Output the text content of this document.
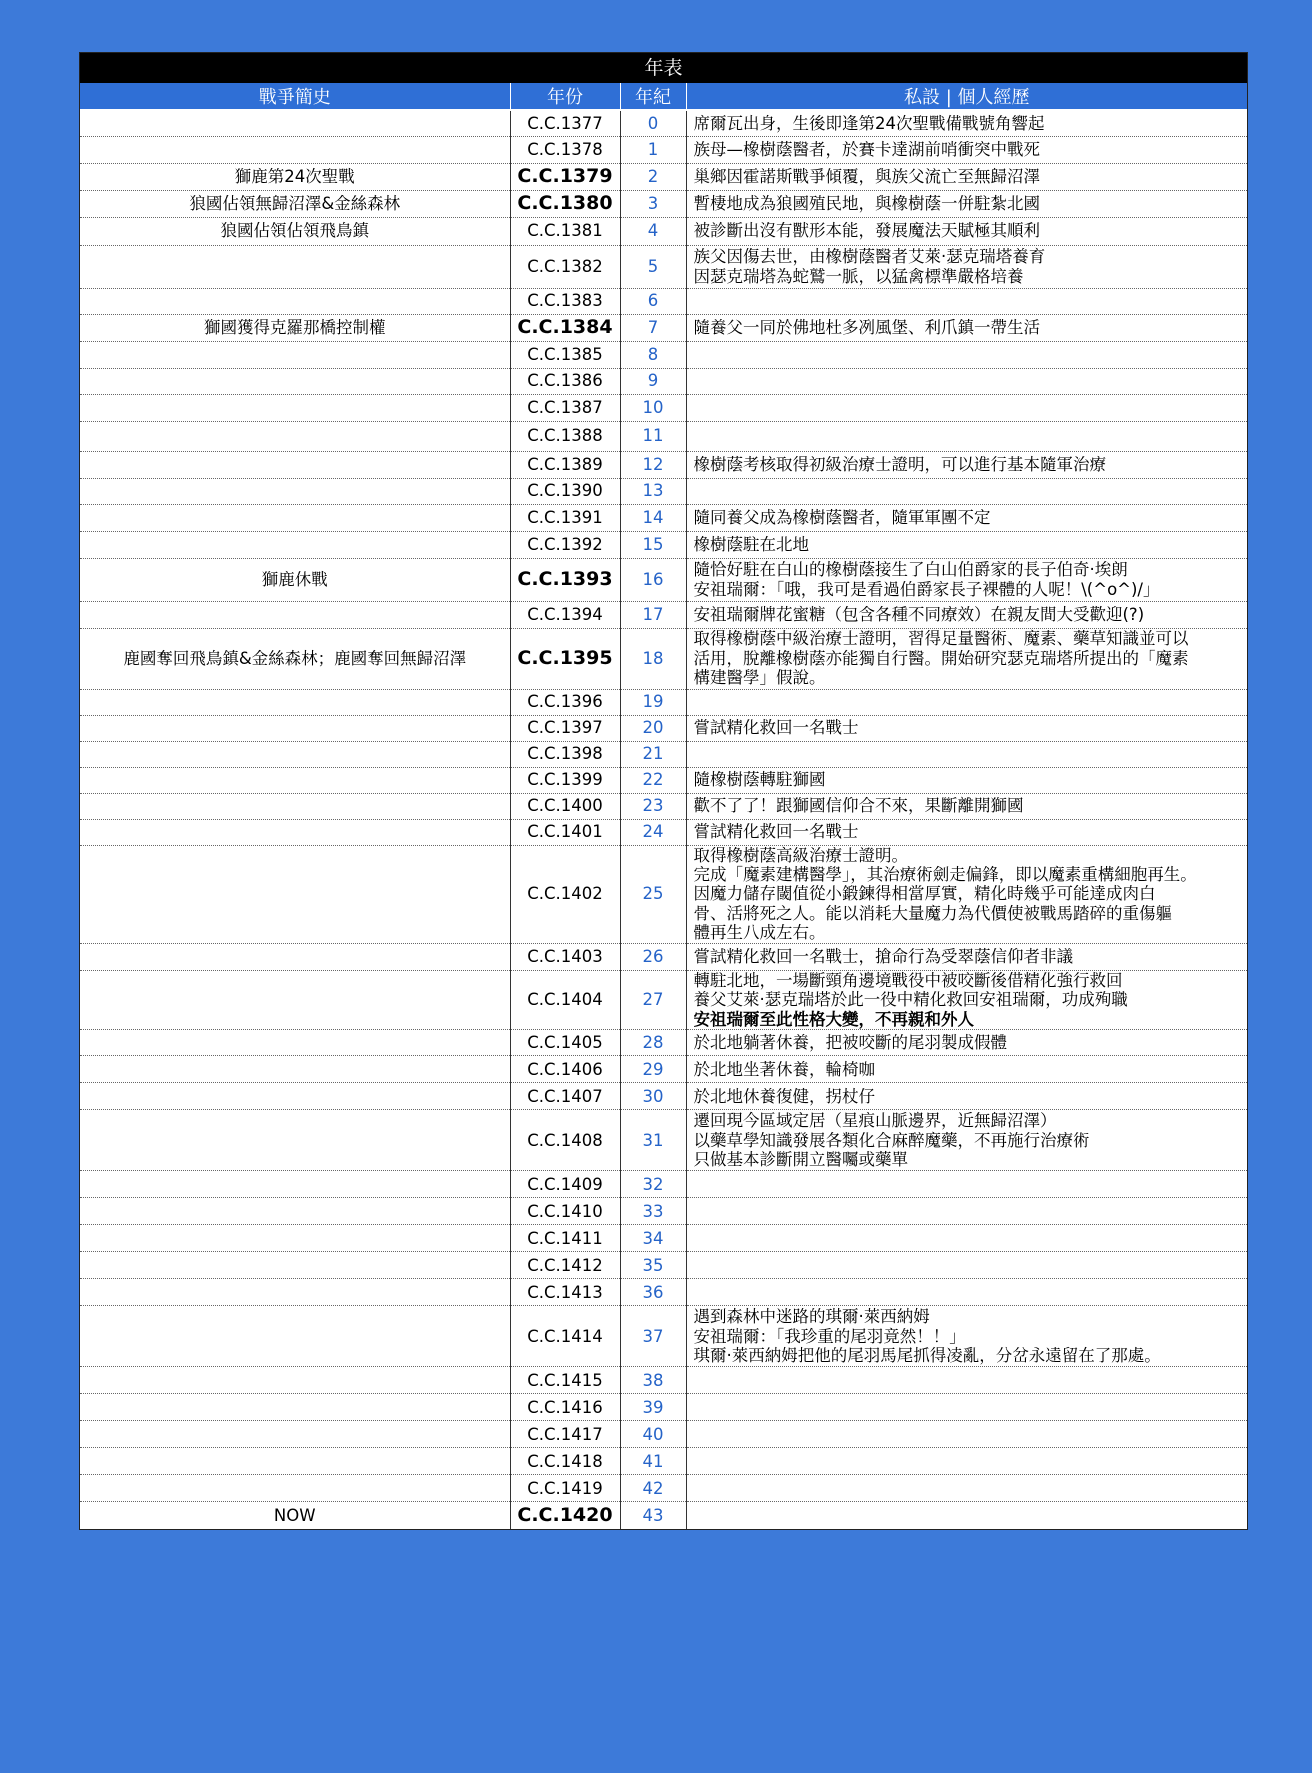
年表
戰爭簡史	年份	年紀	私設 | 個人經歷
	C.C.1377	0	席爾瓦出身，生後即逢第24次聖戰備戰號角響起

	C.C.1378	1	族母—橡樹蔭醫者，於賽卡達湖前哨衝突中戰死

獅鹿第24次聖戰	C.C.1379	2	巢鄉因霍諾斯戰爭傾覆，與族父流亡至無歸沼澤

狼國佔領無歸沼澤&金絲森林	C.C.1380	3	暫棲地成為狼國殖民地，與橡樹蔭一併駐紮北國

狼國佔領佔領飛鳥鎮	C.C.1381	4	被診斷出沒有獸形本能，發展魔法天賦極其順利

	C.C.1382	5	族父因傷去世，由橡樹蔭醫者艾萊·瑟克瑞塔養育
因瑟克瑞塔為蛇鷲一脈，以猛禽標準嚴格培養

	C.C.1383	6	
獅國獲得克羅那橋控制權	C.C.1384	7	隨養父一同於佛地杜多冽風堡、利爪鎮一帶生活

	C.C.1385	8	
	C.C.1386	9	
	C.C.1387	10	
	C.C.1388	11	
	C.C.1389	12	橡樹蔭考核取得初級治療士證明，可以進行基本隨軍治療

	C.C.1390	13	
	C.C.1391	14	隨同養父成為橡樹蔭醫者，隨軍軍團不定

	C.C.1392	15	橡樹蔭駐在北地

獅鹿休戰	C.C.1393	16	隨恰好駐在白山的橡樹蔭接生了白山伯爵家的長子伯奇·埃朗
安祖瑞爾：「哦，我可是看過伯爵家長子裸體的人呢！\(^o^)/」

	C.C.1394	17	安祖瑞爾牌花蜜糖（包含各種不同療效）在親友間大受歡迎(?)

鹿國奪回飛鳥鎮&金絲森林；鹿國奪回無歸沼澤	C.C.1395	18	取得橡樹蔭中級治療士證明，習得足量醫術、魔素、藥草知識並可以
活用，脫離橡樹蔭亦能獨自行醫。開始研究瑟克瑞塔所提出的「魔素
構建醫學」假說。

	C.C.1396	19	
	C.C.1397	20	嘗試精化救回一名戰士

	C.C.1398	21	
	C.C.1399	22	隨橡樹蔭轉駐獅國

	C.C.1400	23	歡不了了！跟獅國信仰合不來，果斷離開獅國

	C.C.1401	24	嘗試精化救回一名戰士

	C.C.1402	25	取得橡樹蔭高級治療士證明。
完成「魔素建構醫學」，其治療術劍走偏鋒，即以魔素重構細胞再生。
因魔力儲存閾值從小鍛鍊得相當厚實，精化時幾乎可能達成肉白
骨、活將死之人。能以消耗大量魔力為代價使被戰馬踏碎的重傷軀
體再生八成左右。

	C.C.1403	26	嘗試精化救回一名戰士，搶命行為受翠蔭信仰者非議

	C.C.1404	27	轉駐北地，一場斷頸角邊境戰役中被咬斷後借精化強行救回
養父艾萊·瑟克瑞塔於此一役中精化救回安祖瑞爾，功成殉職
安祖瑞爾至此性格大變，不再親和外人

	C.C.1405	28	於北地躺著休養，把被咬斷的尾羽製成假體

	C.C.1406	29	於北地坐著休養，輪椅咖

	C.C.1407	30	於北地休養復健，拐杖仔

	C.C.1408	31	遷回現今區域定居（星痕山脈邊界，近無歸沼澤）
以藥草學知識發展各類化合麻醉魔藥，不再施行治療術
只做基本診斷開立醫囑或藥單

	C.C.1409	32	
	C.C.1410	33	
	C.C.1411	34	
	C.C.1412	35	
	C.C.1413	36	
	C.C.1414	37	遇到森林中迷路的琪爾·萊西納姆
安祖瑞爾：「我珍重的尾羽竟然！！」
琪爾·萊西納姆把他的尾羽馬尾抓得凌亂，分岔永遠留在了那處。

	C.C.1415	38	
	C.C.1416	39	
	C.C.1417	40	
	C.C.1418	41	
	C.C.1419	42	
NOW	C.C.1420	43	
